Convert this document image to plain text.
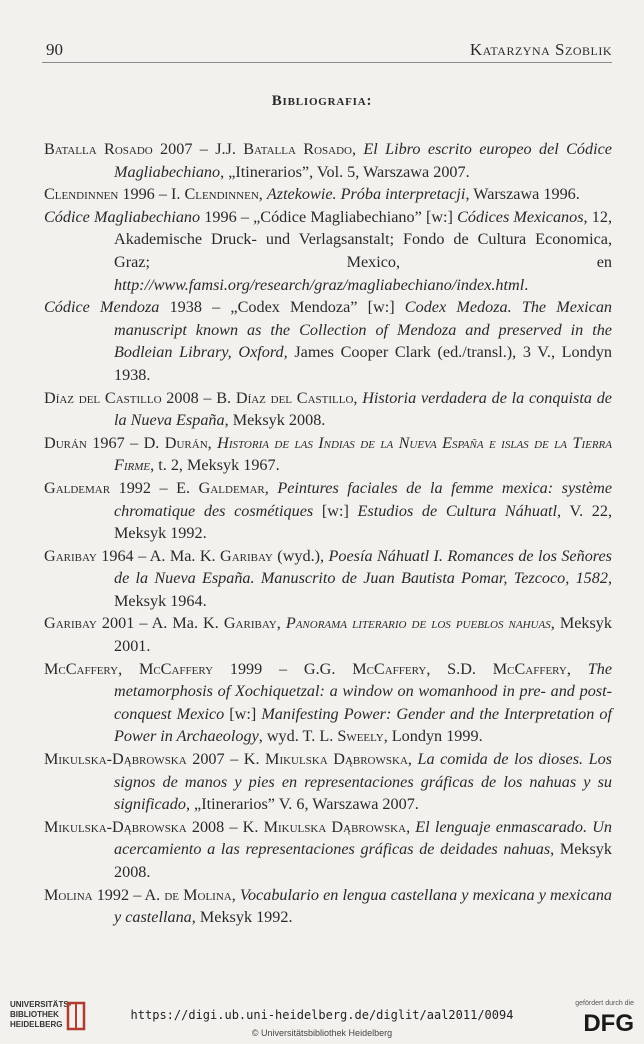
90	Katarzyna Szoblik
Bibliografia:

Batalla Rosado 2007 – J.J. Batalla Rosado, El Libro escrito europeo del Códice Magliabechiano, „Itinerarios”, Vol. 5, Warszawa 2007.

Clendinnen 1996 – I. Clendinnen, Aztekowie. Próba interpretacji, Warszawa 1996.

Códice Magliabechiano 1996 – „Códice Magliabechiano” [w:] Códices Mexicanos, 12, Akademische Druck- und Verlagsanstalt; Fondo de Cultura Economica, Graz; Mexico, en http://www.famsi.org/research/graz/magliabechiano/index.html.

Códice Mendoza 1938 – „Codex Mendoza” [w:] Codex Medoza. The Mexican manuscript known as the Collection of Mendoza and preserved in the Bodleian Library, Oxford, James Cooper Clark (ed./transl.), 3 V., Londyn 1938.

Díaz del Castillo 2008 – B. Díaz del Castillo, Historia verdadera de la conquista de la Nueva España, Meksyk 2008.

Durán 1967 – D. Durán, Historia de las Indias de la Nueva España e islas de la Tierra Firme, t. 2, Meksyk 1967.

Galdemar 1992 – E. Galdemar, Peintures faciales de la femme mexica: système chromatique des cosmétiques [w:] Estudios de Cultura Náhuatl, V. 22, Meksyk 1992.

Garibay 1964 – A. Ma. K. Garibay (wyd.), Poesía Náhuatl I. Romances de los Señores de la Nueva España. Manuscrito de Juan Bautista Pomar, Tezcoco, 1582, Meksyk 1964.

Garibay 2001 – A. Ma. K. Garibay, Panorama literario de los pueblos nahuas, Meksyk 2001.

McCaffery, McCaffery 1999 – G.G. McCaffery, S.D. McCaffery, The metamorphosis of Xochiquetzal: a window on womanhood in pre- and post-conquest Mexico [w:] Manifesting Power: Gender and the Interpretation of Power in Archaeology, wyd. T. L. Sweely, Londyn 1999.

Mikulska-Dąbrowska 2007 – K. Mikulska Dąbrowska, La comida de los dioses. Los signos de manos y pies en representaciones gráficas de los nahuas y su significado, „Itinerarios” V. 6, Warszawa 2007.

Mikulska-Dąbrowska 2008 – K. Mikulska Dąbrowska, El lenguaje enmascarado. Un acercamiento a las representaciones gráficas de deidades nahuas, Meksyk 2008.

Molina 1992 – A. de Molina, Vocabulario en lengua castellana y mexicana y mexicana y castellana, Meksyk 1992.

UNIVERSITÄTS-BIBLIOTHEK HEIDELBERG
https://digi.ub.uni-heidelberg.de/diglit/aal2011/0094
© Universitätsbibliothek Heidelberg
gefördert durch die
DFG
